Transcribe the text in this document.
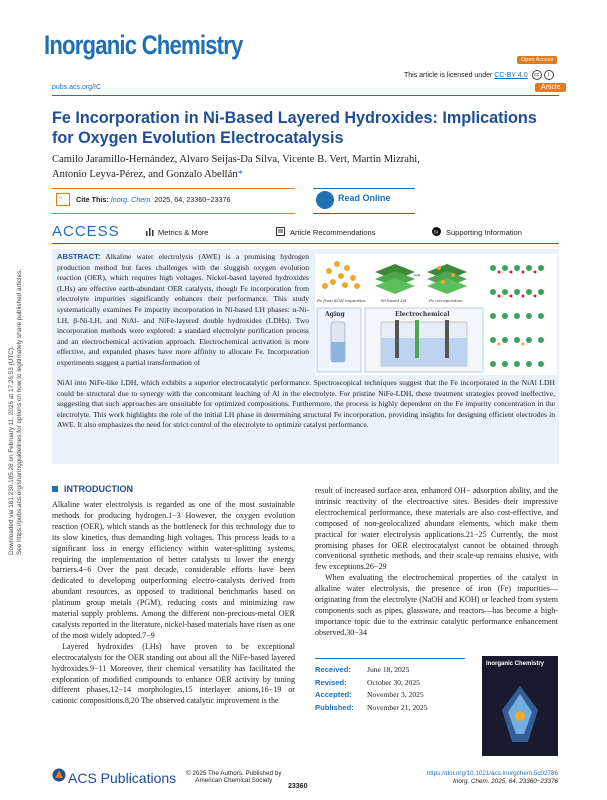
Inorganic Chemistry	Open Access
This article is licensed under CC-BY 4.0 cc i
pubs.acs.org/IC	Article
Fe Incorporation in Ni-Based Layered Hydroxides: Implications for Oxygen Evolution Electrocatalysis
Camilo Jaramillo-Hernández, Alvaro Seijas-Da Silva, Vicente B. Vert, Martin Mizrahi,
Antonio Leyva-Pérez, and Gonzalo Abellán*
" Cite This: Inorg. Chem. 2025, 64, 23360−23376	Read Online
ACCESS	Metrics & More	Article Recommendations	SI Supporting Information
ABSTRACT: Alkaline water electrolysis (AWE) is a promising hydrogen production method but faces challenges with the sluggish oxygen evolution reaction (OER), which requires high voltages. Nickel-based layered hydroxides (LHs) are effective earth-abundant OER catalysts, though Fe incorporation from electrolyte impurities significantly enhances their performance. This study systematically examines Fe impurity incorporation in Ni-based LH phases: α-Ni-LH, β-Ni-LH, and NiAl- and NiFe-layered double hydroxides (LDHs). Two incorporation methods were explored: a standard electrolyte purification process and an electrochemical activation approach. Electrochemical activation is more effective, and expanded phases have more affinity to allocate Fe. Incorporation experiments suggest a partial transformation of
NiAl into NiFe-like LDH, which exhibits a superior electrocatalytic performance. Spectroscopical techniques suggest that the Fe incorporated in the NiAl LDH could be structural due to synergy with the concomitant leaching of Al in the electrolyte. For pristine NiFe-LDH, these treatment strategies proved ineffective, suggesting that such approaches are unsuitable for optimized compositions. Furthermore, the process is highly dependent on the Fe impurity concentration in the electrolyte. This work highlights the role of the initial LH phase in determining structural Fe incorporation, providing insights for designing efficient electrodes in AWE. It also emphasizes the need for strict control of the electrolyte to optimize catalyst performance.
→
Fe from KOH impurities	Ni-based LH	Fe incorporation
Aging	Electrochemical
Downloaded via 181.230.105.28 on February 11, 2026 at 17:26:53 (UTC). See https://pubs.acs.org/sharingguidelines for options on how to legitimately share published articles.	INTRODUCTION
Alkaline water electrolysis is regarded as one of the most sustainable methods for producing hydrogen.1−3 However, the oxygen evolution reaction (OER), which stands as the bottleneck for this technology due to its slow kinetics, thus demanding high voltages. This process leads to a significant loss in energy efficiency within water-splitting systems, requiring the implementation of better catalysts to lower the energy barriers.4−6 Over the past decade, considerable efforts have been dedicated to developing outperforming electro-catalysts derived from abundant resources, as opposed to traditional benchmarks based on platinum group metals (PGM), reducing costs and minimizing raw material supply problems. Among the different non-precious-metal OER catalysts reported in the literature, nickel-based materials have risen as one of the most widely adopted.7−9
Layered hydroxides (LHs) have proven to be exceptional electrocatalysts for the OER standing out about all the NiFe-based layered hydroxides.9−11 Moreover, their chemical versatility has facilitated the exploration of modified compounds to enhance OER activity by tuning different phases,12−14 morphologies,15 interlayer anions,16−19 or cationic compositions.8,20 The observed catalytic improvement is the
result of increased surface area, enhanced OH− adsorption ability, and the intrinsic reactivity of the electroactive sites. Besides their impressive electrochemical performance, these materials are also cost-effective, and composed of non-geolocalized abundant elements, which make them practical for water electrolysis applications.21−25 Currently, the most promising phases for OER electrocatalyst cannot be obtained through conventional synthetic methods, and their scale-up remains elusive, with few exceptions.26−29
When evaluating the electrochemical properties of the catalyst in alkaline water electrolysis, the presence of iron (Fe) impurities—originating from the electrolyte (NaOH and KOH) or leached from system components such as pipes, glassware, and reactors—has become a high-importance topic due to the extrinsic catalytic performance enhancement observed.30−34
Received: June 18, 2025
Revised:	October 30, 2025
Accepted: November 3, 2025
Published: November 21, 2025
Inorganic Chemistry
ACS Publications © 2025 The Authors. Published by
American Chemical Society
23360
https://doi.org/10.1021/acs.inorgchem.5c02786
Inorg. Chem. 2025, 64, 23360−23376
